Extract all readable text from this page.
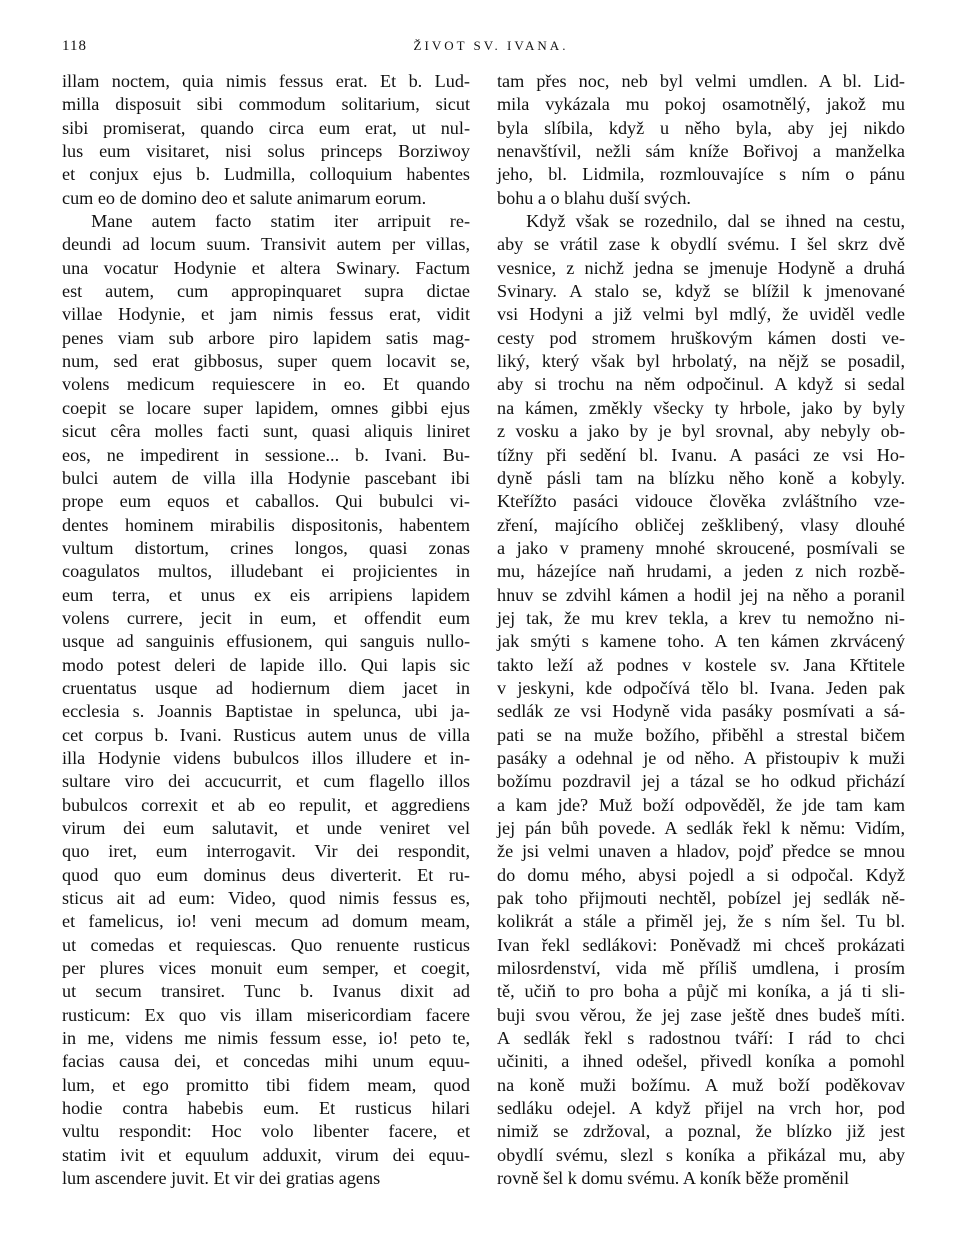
118	ŽIVOT SV. IVANA.
illam noctem, quia nimis fessus erat. Et b. Lud-
milla disposuit sibi commodum solitarium, sicut
sibi promiserat, quando circa eum erat, ut nul-
lus eum visitaret, nisi solus princeps Borziwoy
et conjux ejus b. Ludmilla, colloquium habentes
cum eo de domino deo et salute animarum eorum.
Mane autem facto statim iter arripuit re-
deundi ad locum suum. Transivit autem per villas,
una vocatur Hodynie et altera Swinary. Factum
est autem, cum appropinquaret supra dictae
villae Hodynie, et jam nimis fessus erat, vidit
penes viam sub arbore piro lapidem satis mag-
num, sed erat gibbosus, super quem locavit se,
volens medicum requiescere in eo. Et quando
coepit se locare super lapidem, omnes gibbi ejus
sicut cêra molles facti sunt, quasi aliquis liniret
eos, ne impedirent in sessione... b. Ivani. Bu-
bulci autem de villa illa Hodynie pascebant ibi
prope eum equos et caballos. Qui bubulci vi-
dentes hominem mirabilis dispositonis, habentem
vultum distortum, crines longos, quasi zonas
coagulatos multos, illudebant ei projicientes in
eum terra, et unus ex eis arripiens lapidem
volens currere, jecit in eum, et offendit eum
usque ad sanguinis effusionem, qui sanguis nullo-
modo potest deleri de lapide illo. Qui lapis sic
cruentatus usque ad hodiernum diem jacet in
ecclesia s. Joannis Baptistae in spelunca, ubi ja-
cet corpus b. Ivani. Rusticus autem unus de villa
illa Hodynie videns bubulcos illos illudere et in-
sultare viro dei accucurrit, et cum flagello illos
bubulcos correxit et ab eo repulit, et aggrediens
virum dei eum salutavit, et unde veniret vel
quo iret, eum interrogavit. Vir dei respondit,
quod quo eum dominus deus diverterit. Et ru-
sticus ait ad eum: Video, quod nimis fessus es,
et famelicus, io! veni mecum ad domum meam,
ut comedas et requiescas. Quo renuente rusticus
per plures vices monuit eum semper, et coegit,
ut secum transiret. Tunc b. Ivanus dixit ad
rusticum: Ex quo vis illam misericordiam facere
in me, videns me nimis fessum esse, io! peto te,
facias causa dei, et concedas mihi unum equu-
lum, et ego promitto tibi fidem meam, quod
hodie contra habebis eum. Et rusticus hilari
vultu respondit: Hoc volo libenter facere, et
statim ivit et equulum adduxit, virum dei equu-
lum ascendere juvit. Et vir dei gratias agens
tam přes noc, neb byl velmi umdlen. A bl. Lid-
mila vykázala mu pokoj osamotnělý, jakož mu
byla slíbila, když u něho byla, aby jej nikdo
nenavštívil, nežli sám kníže Bořivoj a manželka
jeho, bl. Lidmila, rozmlouvajíce s ním o pánu
bohu a o blahu duší svých.
Když však se rozednilo, dal se ihned na cestu,
aby se vrátil zase k obydlí svému. I šel skrz dvě
vesnice, z nichž jedna se jmenuje Hodyně a druhá
Svinary. A stalo se, když se blížil k jmenované
vsi Hodyni a již velmi byl mdlý, že uviděl vedle
cesty pod stromem hruškovým kámen dosti ve-
liký, který však byl hrbolatý, na nějž se posadil,
aby si trochu na něm odpočinul. A když si sedal
na kámen, změkly všecky ty hrbole, jako by byly
z vosku a jako by je byl srovnal, aby nebyly ob-
tížny při sedění bl. Ivanu. A pasáci ze vsi Ho-
dyně pásli tam na blízku něho koně a kobyly.
Kteřížto pasáci vidouce člověka zvláštního vze-
zření, majícího obličej zešklibený, vlasy dlouhé
a jako v prameny mnohé skroucené, posmívali se
mu, házejíce naň hrudami, a jeden z nich rozbě-
hnuv se zdvihl kámen a hodil jej na něho a poranil
jej tak, že mu krev tekla, a krev tu nemožno ni-
jak smýti s kamene toho. A ten kámen zkrvácený
takto leží až podnes v kostele sv. Jana Křtitele
v jeskyni, kde odpočívá tělo bl. Ivana. Jeden pak
sedlák ze vsi Hodyně vida pasáky posmívati a sá-
pati se na muže božího, přiběhl a strestal bičem
pasáky a odehnal je od něho. A přistoupiv k muži
božímu pozdravil jej a tázal se ho odkud přichází
a kam jde? Muž boží odpověděl, že jde tam kam
jej pán bůh povede. A sedlák řekl k němu: Vidím,
že jsi velmi unaven a hladov, pojď předce se mnou
do domu mého, abysi pojedl a si odpočal. Když
pak toho přijmouti nechtěl, pobízel jej sedlák ně-
kolikrát a stále a přiměl jej, že s ním šel. Tu bl.
Ivan řekl sedlákovi: Poněvadž mi chceš prokázati
milosrdenství, vida mě příliš umdlena, i prosím
tě, učiň to pro boha a půjč mi koníka, a já ti sli-
buji svou věrou, že jej zase ještě dnes budeš míti.
A sedlák řekl s radostnou tváří: I rád to chci
učiniti, a ihned odešel, přivedl koníka a pomohl
na koně muži božímu. A muž boží poděkovav
sedláku odejel. A když přijel na vrch hor, pod
nimiž se zdržoval, a poznal, že blízko již jest
obydlí svému, slezl s koníka a přikázal mu, aby
rovně šel k domu svému. A koník běže proměnil
